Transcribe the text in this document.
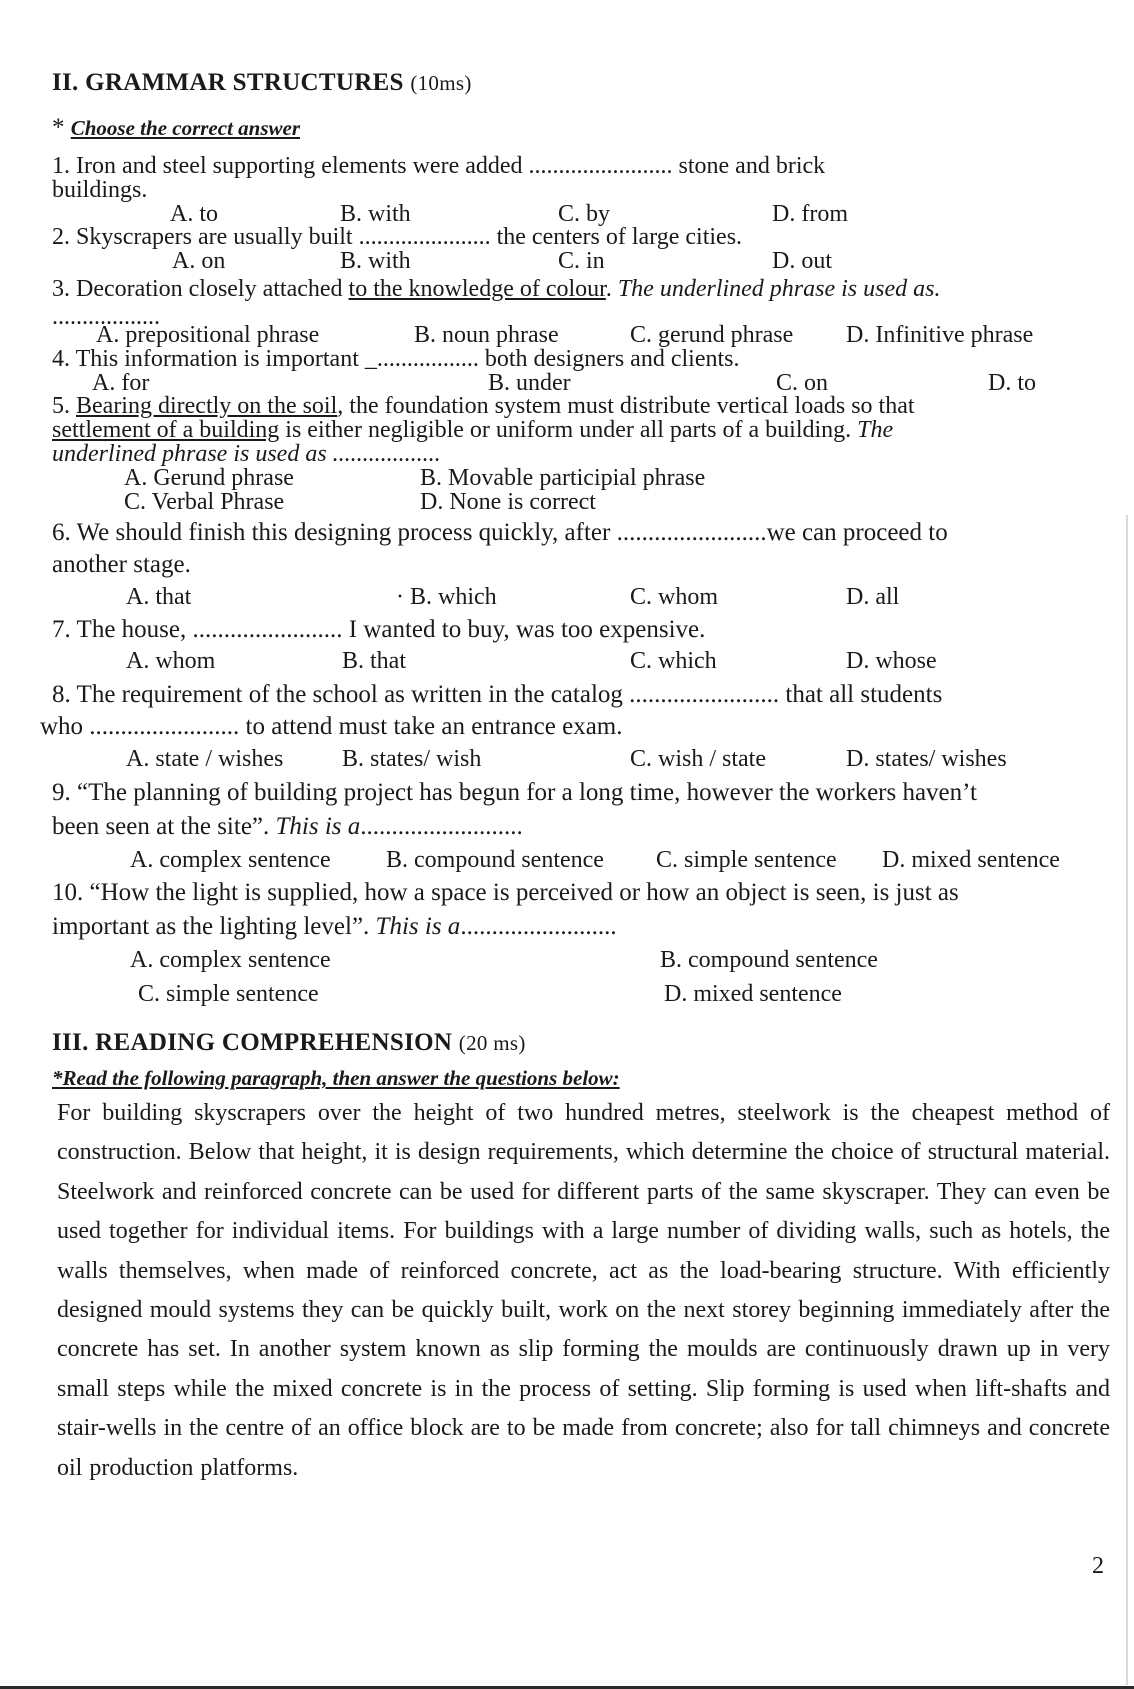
II. GRAMMAR STRUCTURES (10ms)
* Choose the correct answer
1. Iron and steel supporting elements were added ........................ stone and brick
buildings.
A. to	B. with	C. by	D. from
2. Skyscrapers are usually built ...................... the centers of large cities.
A. on	B. with	C. in	D. out
3. Decoration closely attached to the knowledge of colour. The underlined phrase is used as.
..................
A. prepositional phrase	B. noun phrase	C. gerund phrase D. Infinitive phrase
4. This information is important _................. both designers and clients.
A. for	B. under	C. on	D. to
5. Bearing directly on the soil, the foundation system must distribute vertical loads so that
settlement of a building is either negligible or uniform under all parts of a building. The
underlined phrase is used as ..................
A. Gerund phrase	B. Movable participial phrase
C. Verbal Phrase	D. None is correct
6. We should finish this designing process quickly, after ........................we can proceed to
another stage.
A. that	· B. which	C. whom	D. all
7. The house, ........................ I wanted to buy, was too expensive.
A. whom	B. that	C. which	D. whose
8. The requirement of the school as written in the catalog ........................ that all students
who ........................ to attend must take an entrance exam.
A. state / wishes B. states/ wish	C. wish / state	D. states/ wishes
9. “The planning of building project has begun for a long time, however the workers haven’t
been seen at the site”. This is a..........................
A. complex sentence B. compound sentence C. simple sentence D. mixed sentence
10. “How the light is supplied, how a space is perceived or how an object is seen, is just as
important as the lighting level”. This is a.........................
A. complex sentence	B. compound sentence
C. simple sentence	D. mixed sentence
III. READING COMPREHENSION (20 ms)
*Read the following paragraph, then answer the questions below:
For building skyscrapers over the height of two hundred metres, steelwork is the cheapest method of construction. Below that height, it is design requirements, which determine the choice of structural material. Steelwork and reinforced concrete can be used for different parts of the same skyscraper. They can even be used together for individual items. For buildings with a large number of dividing walls, such as hotels, the walls themselves, when made of reinforced concrete, act as the load-bearing structure. With efficiently designed mould systems they can be quickly built, work on the next storey beginning immediately after the concrete has set. In another system known as slip forming the moulds are continuously drawn up in very small steps while the mixed concrete is in the process of setting. Slip forming is used when lift-shafts and stair-wells in the centre of an office block are to be made from concrete; also for tall chimneys and concrete oil production platforms.
2
